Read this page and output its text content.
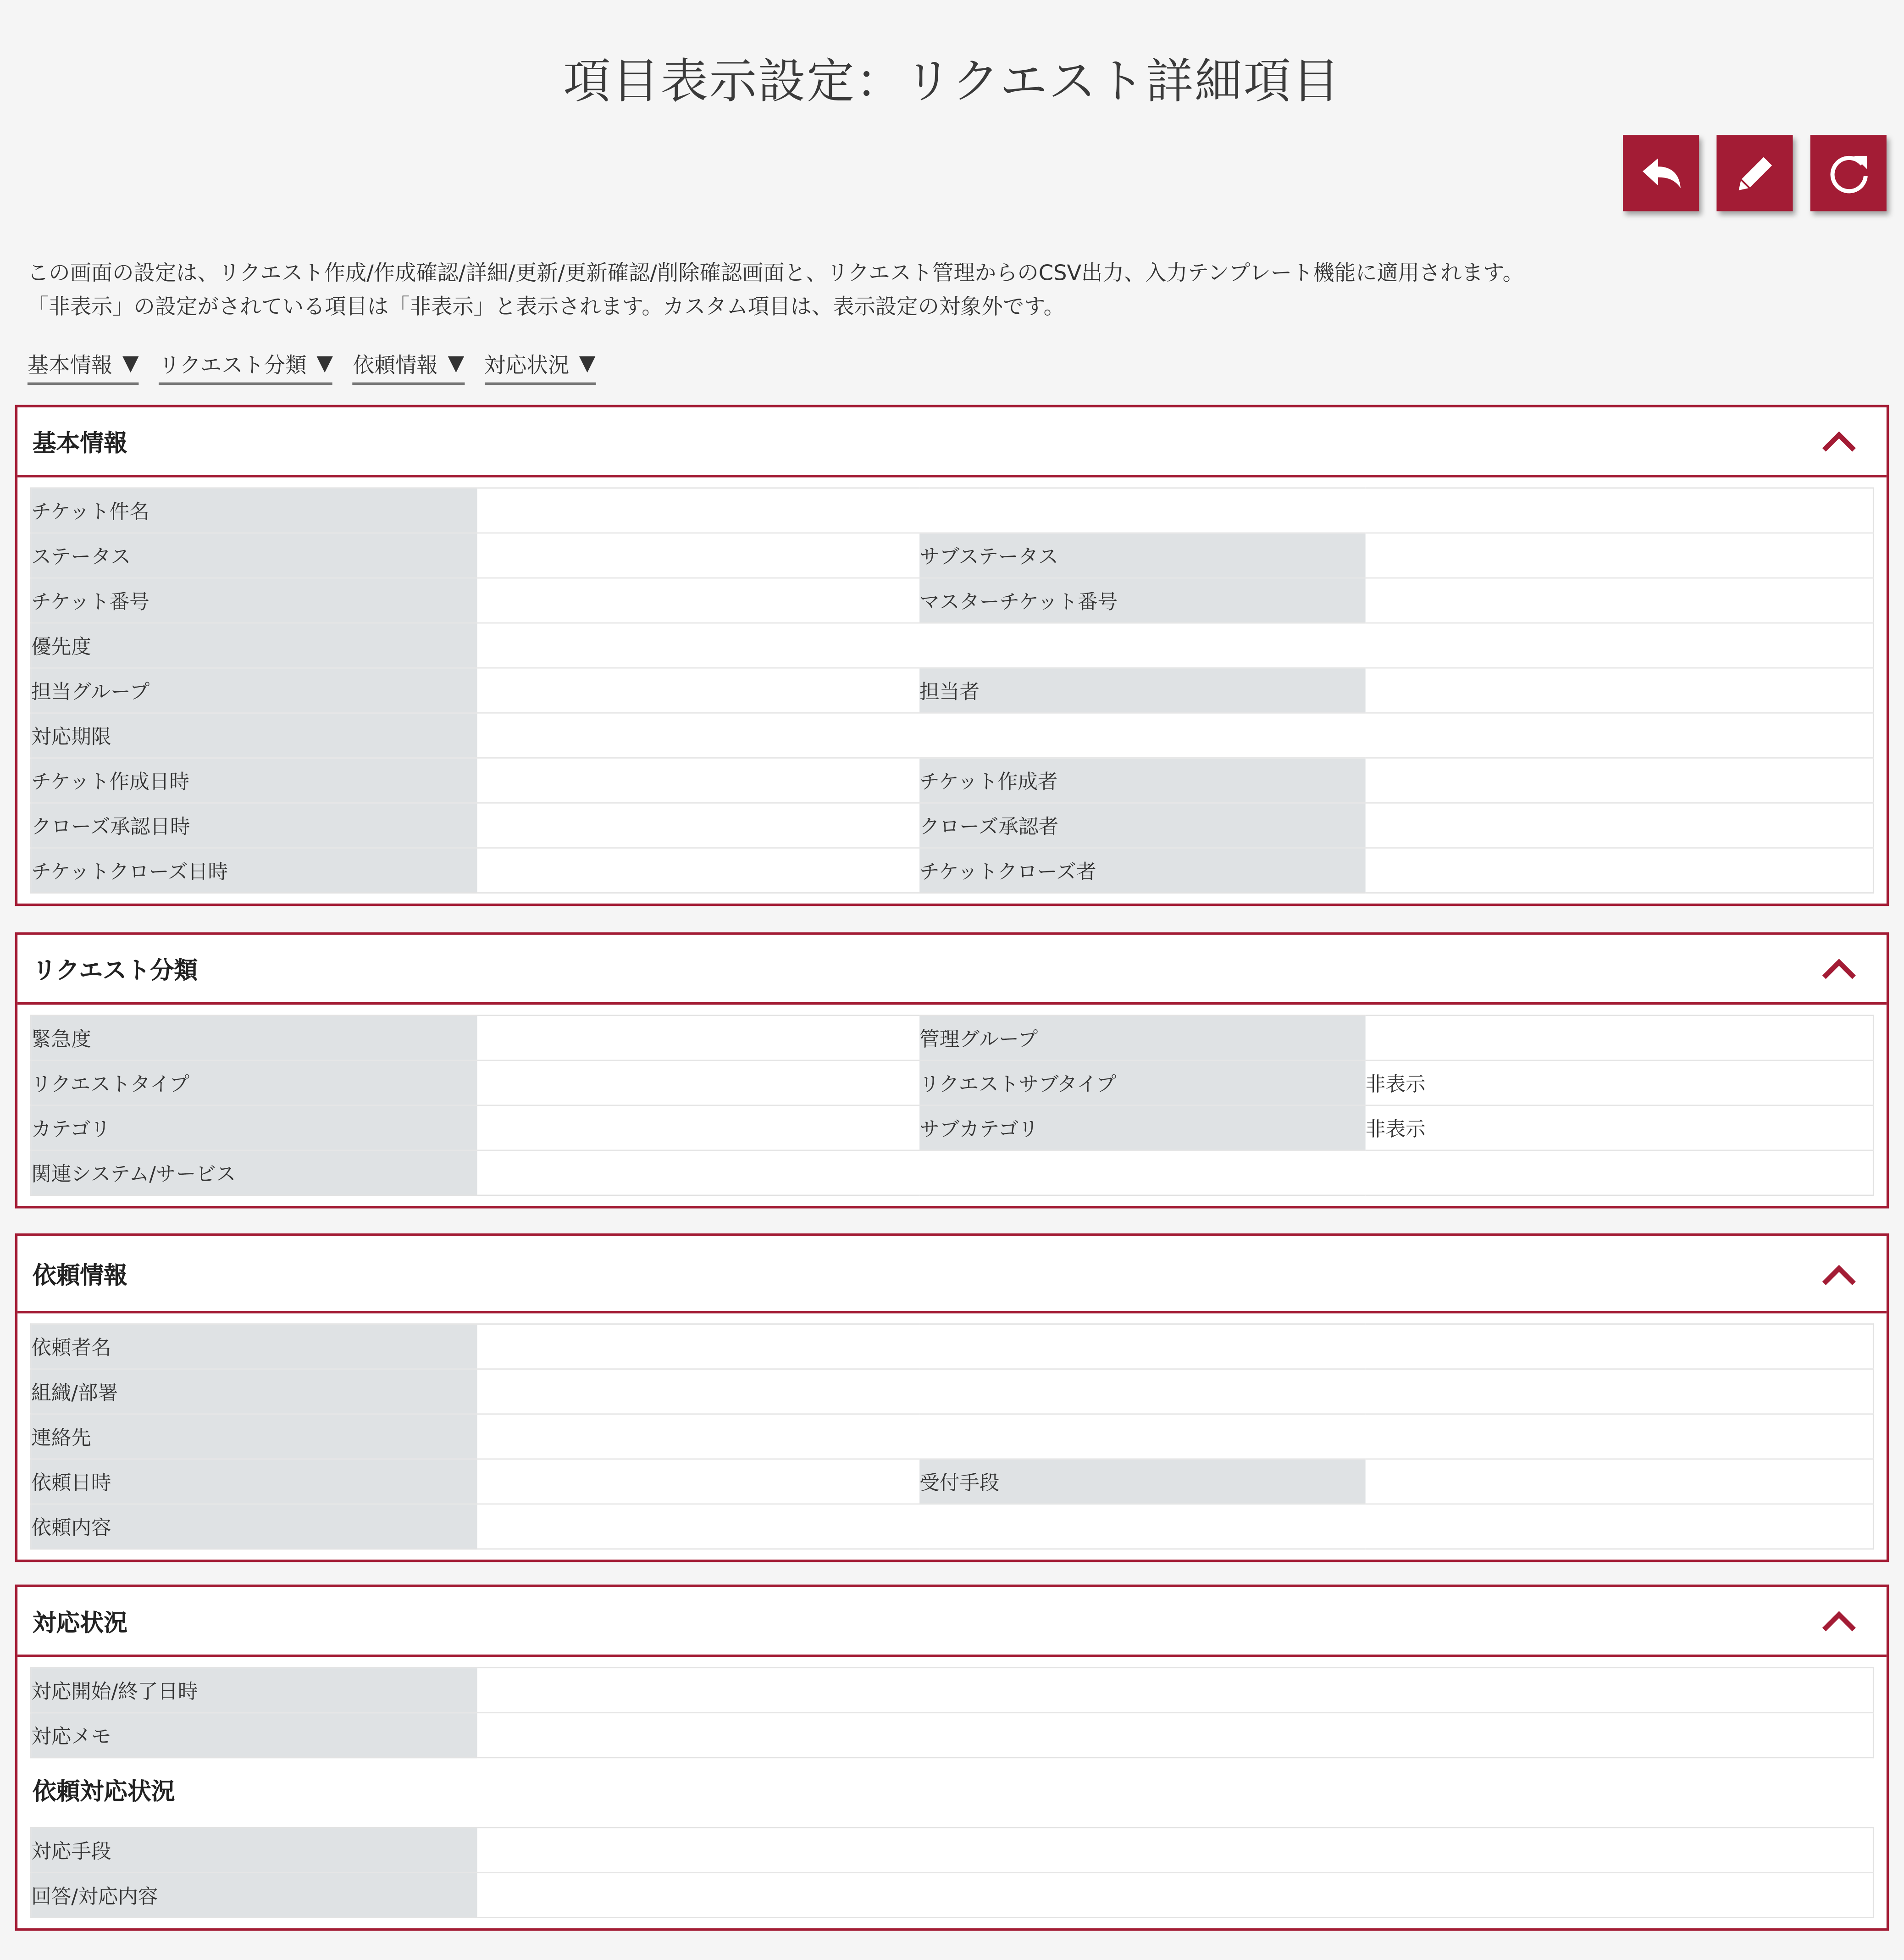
項目表示設定：リクエスト詳細項目
この画面の設定は、リクエスト作成/作成確認/詳細/更新/更新確認/削除確認画面と、リクエスト管理からのCSV出力、入力テンプレート機能に適用されます。
「非表示」の設定がされている項目は「非表示」と表示されます。カスタム項目は、表示設定の対象外です。
基本情報 ▼	リクエスト分類 ▼	依頼情報 ▼	対応状況 ▼
基本情報
チケット件名			
ステータス		サブステータス	
チケット番号		マスターチケット番号	
優先度			
担当グループ		担当者	
対応期限			
チケット作成日時		チケット作成者	
クローズ承認日時		クローズ承認者	
チケットクローズ日時		チケットクローズ者	
リクエスト分類
緊急度		管理グループ	
リクエストタイプ		リクエストサブタイプ	非表示
カテゴリ		サブカテゴリ	非表示
関連システム/サービス			
依頼情報
依頼者名			
組織/部署			
連絡先			
依頼日時		受付手段	
依頼内容			
対応状況
対応開始/終了日時	
対応メモ	
依頼対応状況
対応手段	
回答/対応内容	
